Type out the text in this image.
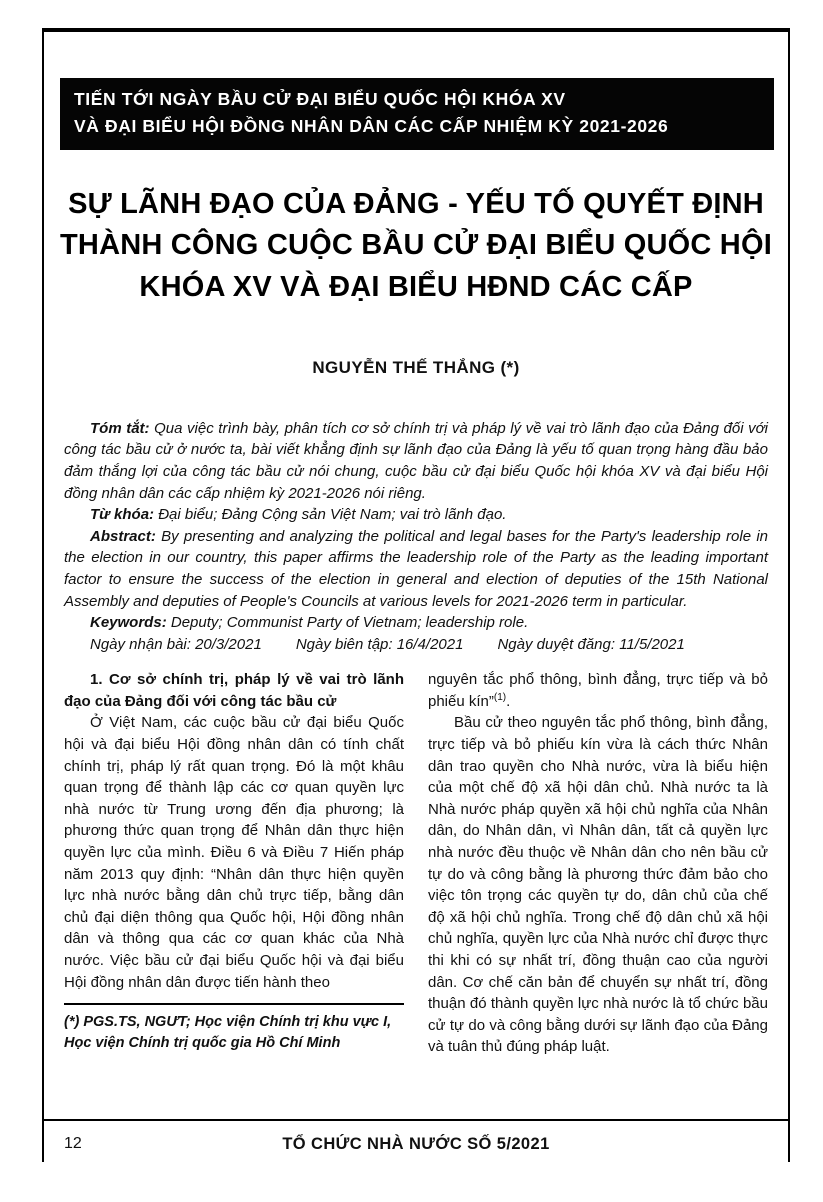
TIẾN TỚI NGÀY BẦU CỬ ĐẠI BIỂU QUỐC HỘI KHÓA XV
VÀ ĐẠI BIỂU HỘI ĐỒNG NHÂN DÂN CÁC CẤP NHIỆM KỲ 2021-2026
SỰ LÃNH ĐẠO CỦA ĐẢNG - YẾU TỐ QUYẾT ĐỊNH
THÀNH CÔNG CUỘC BẦU CỬ ĐẠI BIỂU QUỐC HỘI
KHÓA XV VÀ ĐẠI BIỂU HĐND CÁC CẤP
NGUYỄN THẾ THẮNG (*)

Tóm tắt: Qua việc trình bày, phân tích cơ sở chính trị và pháp lý về vai trò lãnh đạo của Đảng đối với công tác bầu cử ở nước ta, bài viết khẳng định sự lãnh đạo của Đảng là yếu tố quan trọng hàng đầu bảo đảm thắng lợi của công tác bầu cử nói chung, cuộc bầu cử đại biểu Quốc hội khóa XV và đại biểu Hội đồng nhân dân các cấp nhiệm kỳ 2021-2026 nói riêng.

Từ khóa: Đại biểu; Đảng Cộng sản Việt Nam; vai trò lãnh đạo.

Abstract: By presenting and analyzing the political and legal bases for the Party's leadership role in the election in our country, this paper affirms the leadership role of the Party as the leading important factor to ensure the success of the election in general and election of deputies of the 15th National Assembly and deputies of People's Councils at various levels for 2021-2026 term in particular.

Keywords: Deputy; Communist Party of Vietnam; leadership role.

Ngày nhận bài: 20/3/2021 Ngày biên tập: 16/4/2021 Ngày duyệt đăng: 11/5/2021

1. Cơ sở chính trị, pháp lý về vai trò lãnh đạo của Đảng đối với công tác bầu cử

Ở Việt Nam, các cuộc bầu cử đại biểu Quốc hội và đại biểu Hội đồng nhân dân có tính chất chính trị, pháp lý rất quan trọng. Đó là một khâu quan trọng để thành lập các cơ quan quyền lực nhà nước từ Trung ương đến địa phương; là phương thức quan trọng để Nhân dân thực hiện quyền lực của mình. Điều 6 và Điều 7 Hiến pháp năm 2013 quy định: “Nhân dân thực hiện quyền lực nhà nước bằng dân chủ trực tiếp, bằng dân chủ đại diện thông qua Quốc hội, Hội đồng nhân dân và thông qua các cơ quan khác của Nhà nước. Việc bầu cử đại biểu Quốc hội và đại biểu Hội đồng nhân dân được tiến hành theo

(*) PGS.TS, NGƯT; Học viện Chính trị khu vực I, Học viện Chính trị quốc gia Hồ Chí Minh

nguyên tắc phổ thông, bình đẳng, trực tiếp và bỏ phiếu kín”$^{(1)}$.

Bầu cử theo nguyên tắc phổ thông, bình đẳng, trực tiếp và bỏ phiếu kín vừa là cách thức Nhân dân trao quyền cho Nhà nước, vừa là biểu hiện của một chế độ xã hội dân chủ. Nhà nước ta là Nhà nước pháp quyền xã hội chủ nghĩa của Nhân dân, do Nhân dân, vì Nhân dân, tất cả quyền lực nhà nước đều thuộc về Nhân dân cho nên bầu cử tự do và công bằng là phương thức đảm bảo cho việc tôn trọng các quyền tự do, dân chủ của chế độ xã hội chủ nghĩa. Trong chế độ dân chủ xã hội chủ nghĩa, quyền lực của Nhà nước chỉ được thực thi khi có sự nhất trí, đồng thuận cao của người dân. Cơ chế căn bản để chuyển sự nhất trí, đồng thuận đó thành quyền lực nhà nước là tổ chức bầu cử tự do và công bằng dưới sự lãnh đạo của Đảng và tuân thủ đúng pháp luật.

12	TỔ CHỨC NHÀ NƯỚC SỐ 5/2021
